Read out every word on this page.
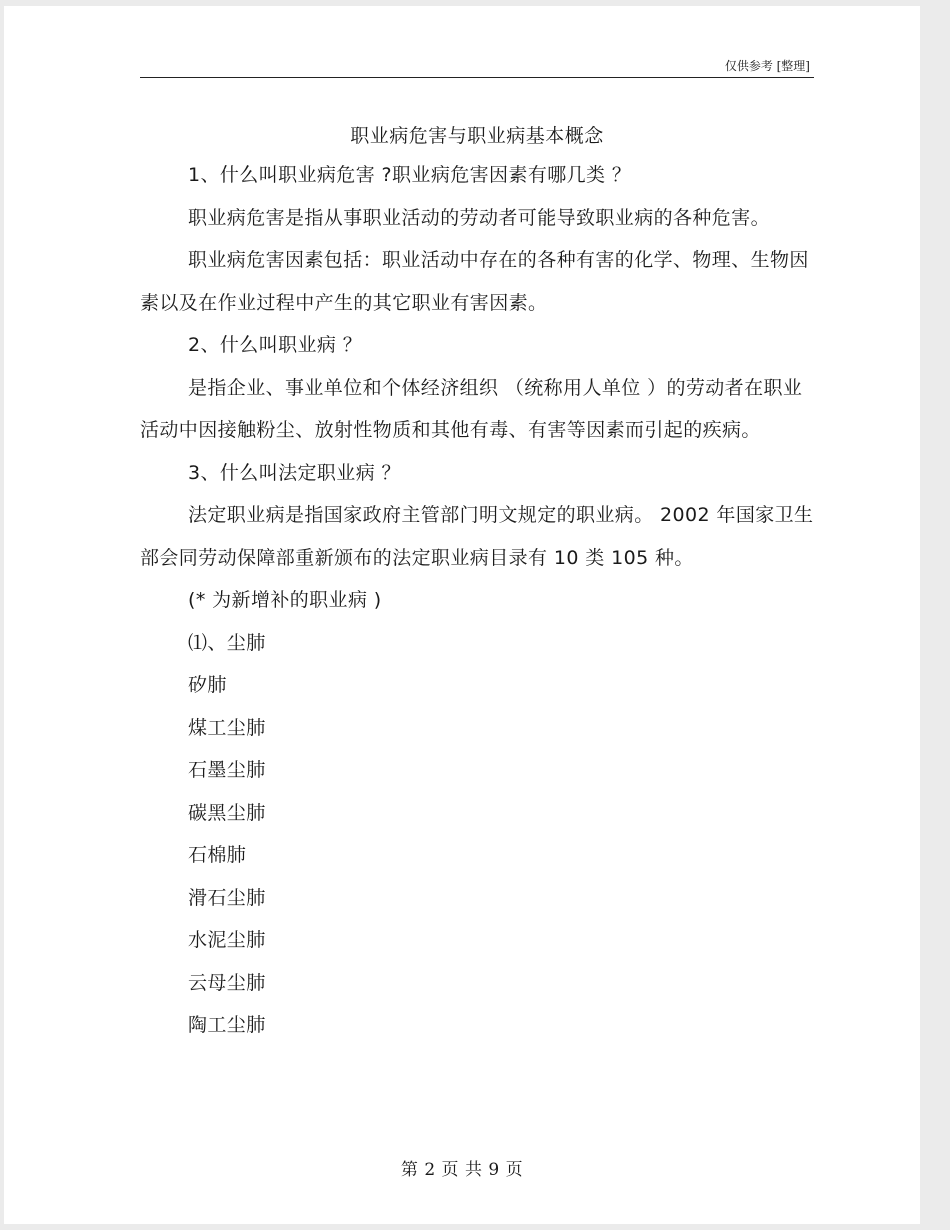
仅供参考 [整理]
职业病危害与职业病基本概念

1、什么叫职业病危害 ?职业病危害因素有哪几类 ？

职业病危害是指从事职业活动的劳动者可能导致职业病的各种危害。

职业病危害因素包括：职业活动中存在的各种有害的化学、物理、生物因素以及在作业过程中产生的其它职业有害因素。

2、什么叫职业病 ？

是指企业、事业单位和个体经济组织 （统称用人单位 ）的劳动者在职业活动中因接触粉尘、放射性物质和其他有毒、有害等因素而引起的疾病。

3、什么叫法定职业病 ？

法定职业病是指国家政府主管部门明文规定的职业病。 2002 年国家卫生部会同劳动保障部重新颁布的法定职业病目录有 10 类 105 种。

(* 为新增补的职业病 )

⑴、尘肺

矽肺

煤工尘肺

石墨尘肺

碳黑尘肺

石棉肺

滑石尘肺

水泥尘肺

云母尘肺

陶工尘肺

第 2 页 共 9 页
